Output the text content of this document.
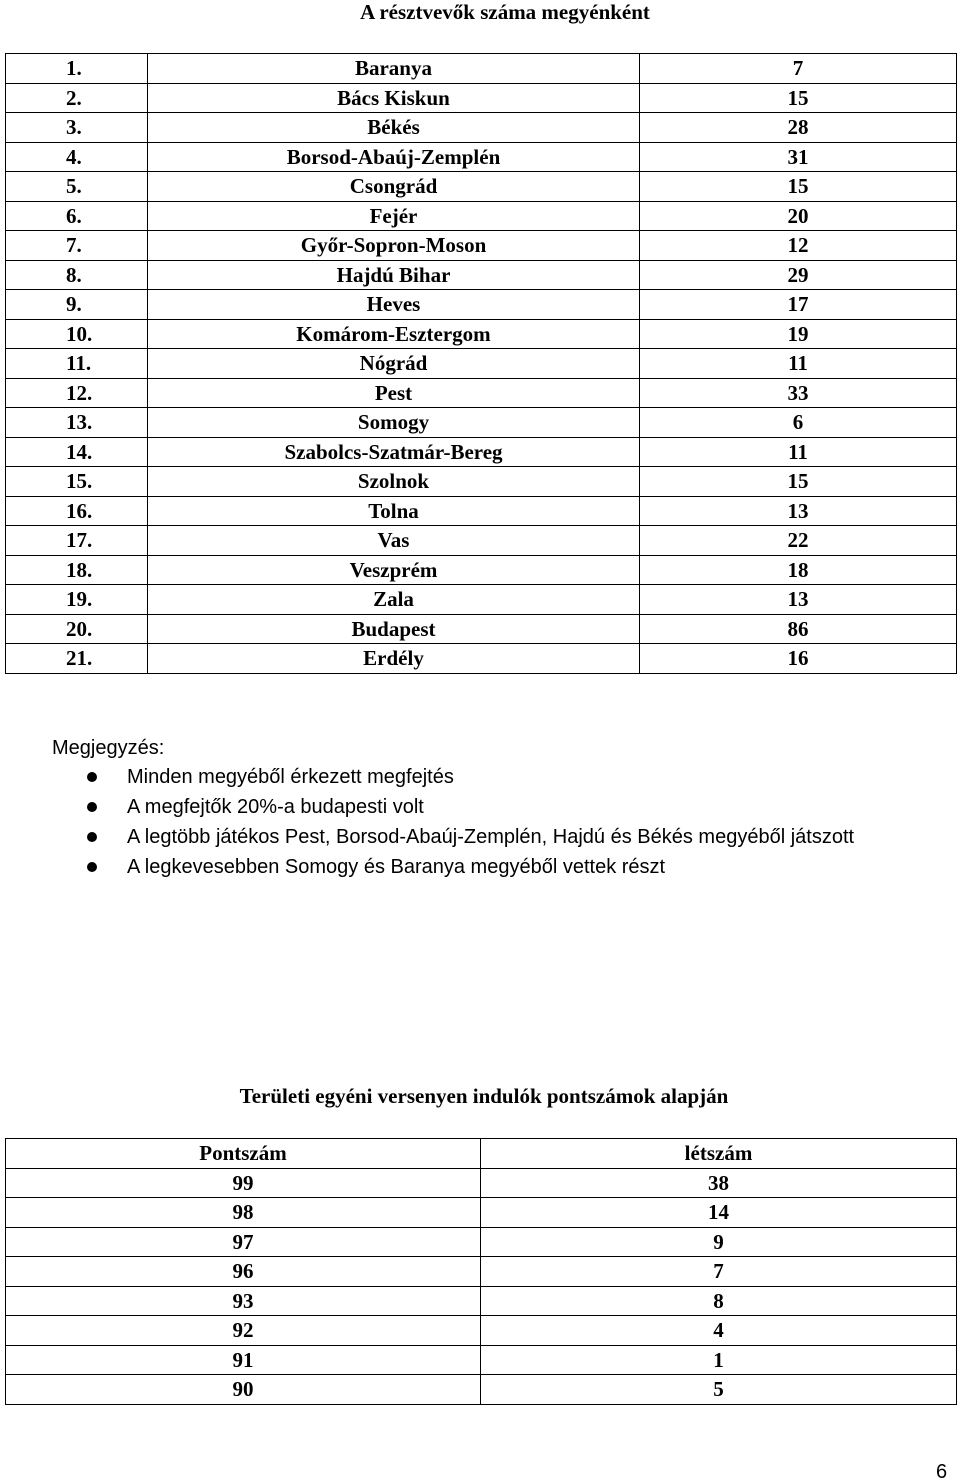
A résztvevők száma megyénként
1.	Baranya	7
2.	Bács Kiskun	15
3.	Békés	28
4.	Borsod-Abaúj-Zemplén	31
5.	Csongrád	15
6.	Fejér	20
7.	Győr-Sopron-Moson	12
8.	Hajdú Bihar	29
9.	Heves	17
10.	Komárom-Esztergom	19
11.	Nógrád	11
12.	Pest	33
13.	Somogy	6
14.	Szabolcs-Szatmár-Bereg	11
15.	Szolnok	15
16.	Tolna	13
17.	Vas	22
18.	Veszprém	18
19.	Zala	13
20.	Budapest	86
21.	Erdély	16
Megjegyzés:
Minden megyéből érkezett megfejtés
A megfejtők 20%-a budapesti volt
A legtöbb játékos Pest, Borsod-Abaúj-Zemplén, Hajdú és Békés megyéből játszott
A legkevesebben Somogy és Baranya megyéből vettek részt
Területi egyéni versenyen indulók pontszámok alapján
Pontszám	létszám
99	38
98	14
97	9
96	7
93	8
92	4
91	1
90	5
6
